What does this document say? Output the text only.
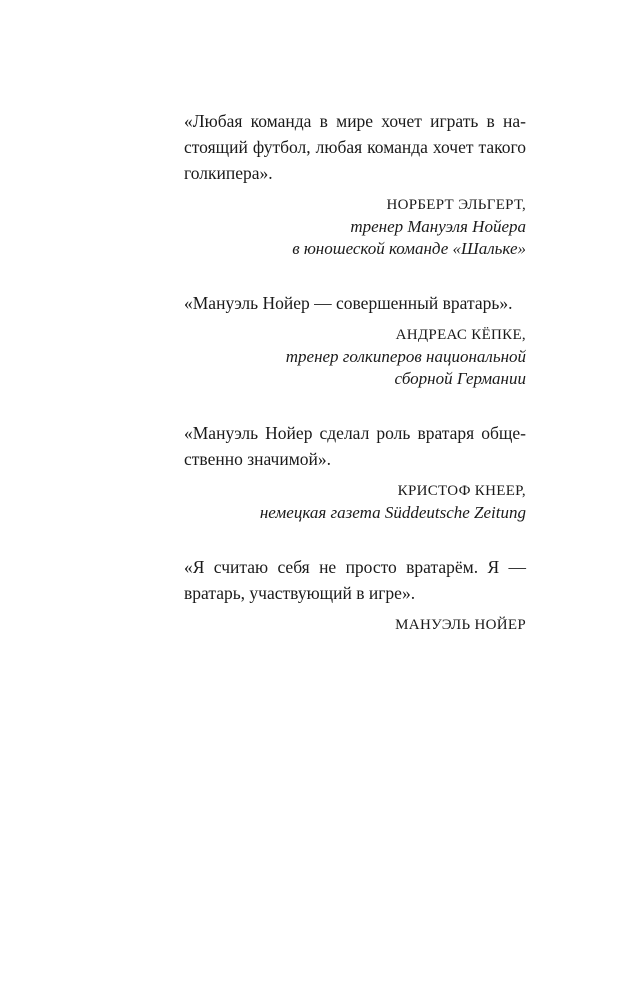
«Любая команда в мире хочет играть в на-
стоящий футбол, любая команда хочет такого
голкипера».
НОРБЕРТ ЭЛЬГЕРТ,
тренер Мануэля Нойера
в юношеской команде «Шальке»
«Мануэль Нойер — совершенный вратарь».
АНДРЕАС КЁПКЕ,
тренер голкиперов национальной
сборной Германии
«Мануэль Нойер сделал роль вратаря обще-
ственно значимой».
КРИСТОФ КНЕЕР,
немецкая газета Süddeutsche Zeitung
«Я считаю себя не просто вратарём. Я —
вратарь, участвующий в игре».
МАНУЭЛЬ НОЙЕР
